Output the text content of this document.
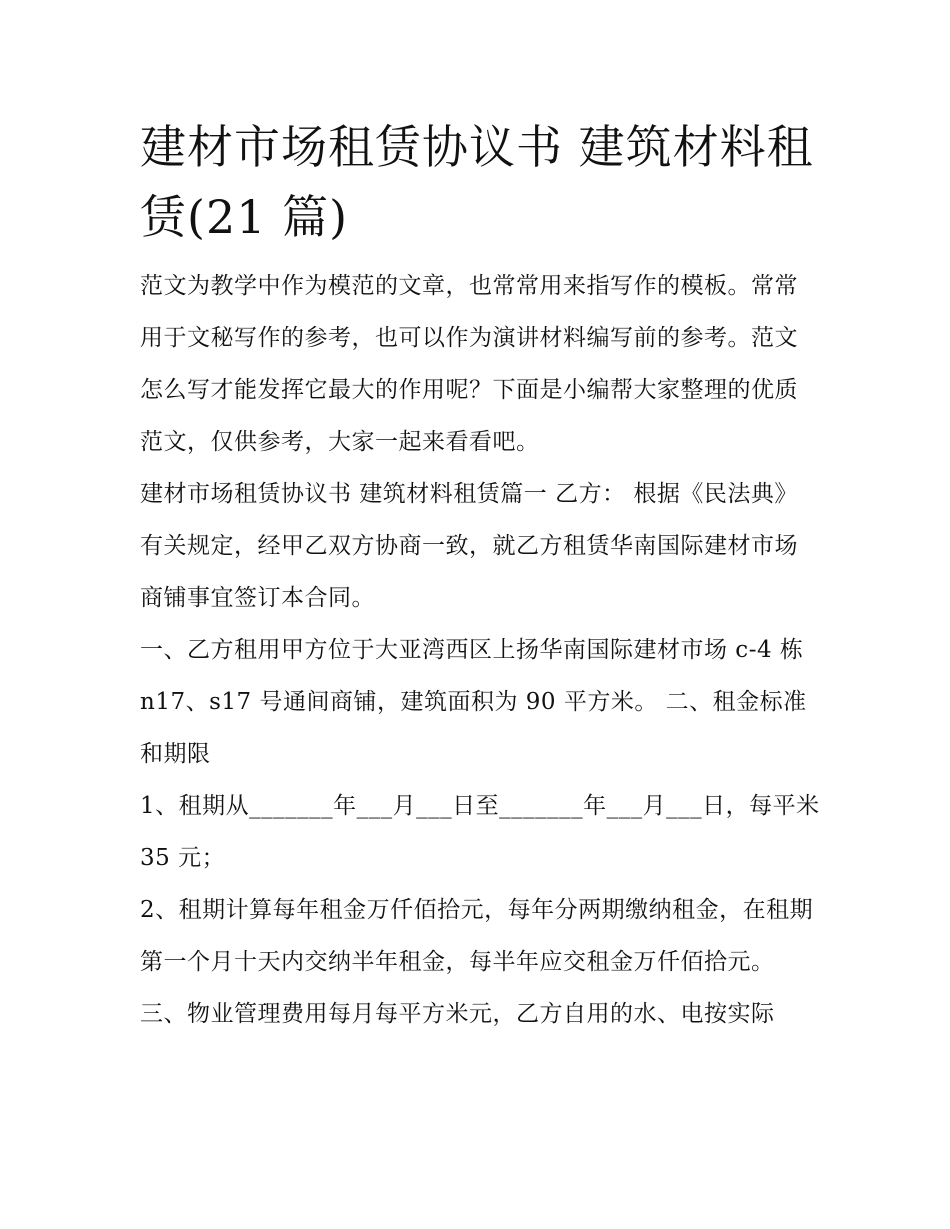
建材市场租赁协议书 建筑材料租赁(21 篇)

范文为教学中作为模范的文章，也常常用来指写作的模板。常常用于文秘写作的参考，也可以作为演讲材料编写前的参考。范文怎么写才能发挥它最大的作用呢？下面是小编帮大家整理的优质范文，仅供参考，大家一起来看看吧。

建材市场租赁协议书 建筑材料租赁篇一 乙方： 根据《民法典》有关规定，经甲乙双方协商一致，就乙方租赁华南国际建材市场商铺事宜签订本合同。

一、乙方租用甲方位于大亚湾西区上扬华南国际建材市场 c-4 栋 n17、s17 号通间商铺，建筑面积为 90 平方米。 二、租金标准和期限

1、租期从_______年___月___日至_______年___月___日，每平米 35 元；

2、租期计算每年租金万仟佰拾元，每年分两期缴纳租金，在租期第一个月十天内交纳半年租金，每半年应交租金万仟佰拾元。

三、物业管理费用每月每平方米元，乙方自用的水、电按实际
